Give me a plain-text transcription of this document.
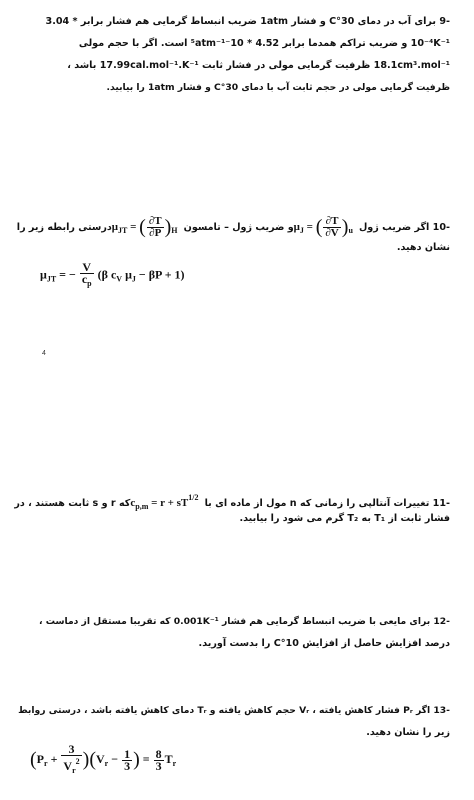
-9 برای آب در دمای 30°C و فشار 1atm ضریب انبساط گرمایی هم فشار برابر * 3.04
10⁻⁴K⁻¹ و ضریب تراکم همدما برابر 4.52 * 10⁻⁵atm⁻¹ است. اگر با حجم مولی
18.1cm³.mol⁻¹ ظرفیت گرمایی مولی در فشار ثابت 17.99cal.mol⁻¹.K⁻¹ باشد ،
ظرفیت گرمایی مولی در حجم ثابت آب با دمای 30°C و فشار 1atm را بیابید.
-10 اگر ضریب ژول $\mu_J$ = ( $\frac{\partial T}{\partial V} )_u$ و ضریب ژول – تامسون $\mu_{JT}$ = ( $\frac{\partial T}{\partial P} )_H$ درستی رابطه زیر را
نشان دهید.
$\mu_{JT}$ = − $\frac{V}{c_p} (\beta$ $c_V$ $\mu_J - \beta P + 1$)
4
-11 تغییرات آنتالپی را زمانی که n مول از ماده ای با $c_{p,m} = r + sT^{1/2}$ که r و s ثابت هستند ، در
فشار ثابت از T₁ به T₂ گرم می شود را بیابید.
-12 برای مایعی با ضریب انبساط گرمایی هم فشار 0.001K⁻¹ که تقریبا مستقل از دماست ،
درصد افزایش حاصل از افزایش 10°C را بدست آورید.
-13 اگر Pᵣ فشار کاهش یافته ، Vᵣ حجم کاهش یافته و Tᵣ دمای کاهش یافته باشد ، درستی روابط
زیر را نشان دهید.
$(P_r + \frac{3}{V_r^2} )(V_r - \frac{1}{3}$ ) = $\frac{8}{3} T_r$
